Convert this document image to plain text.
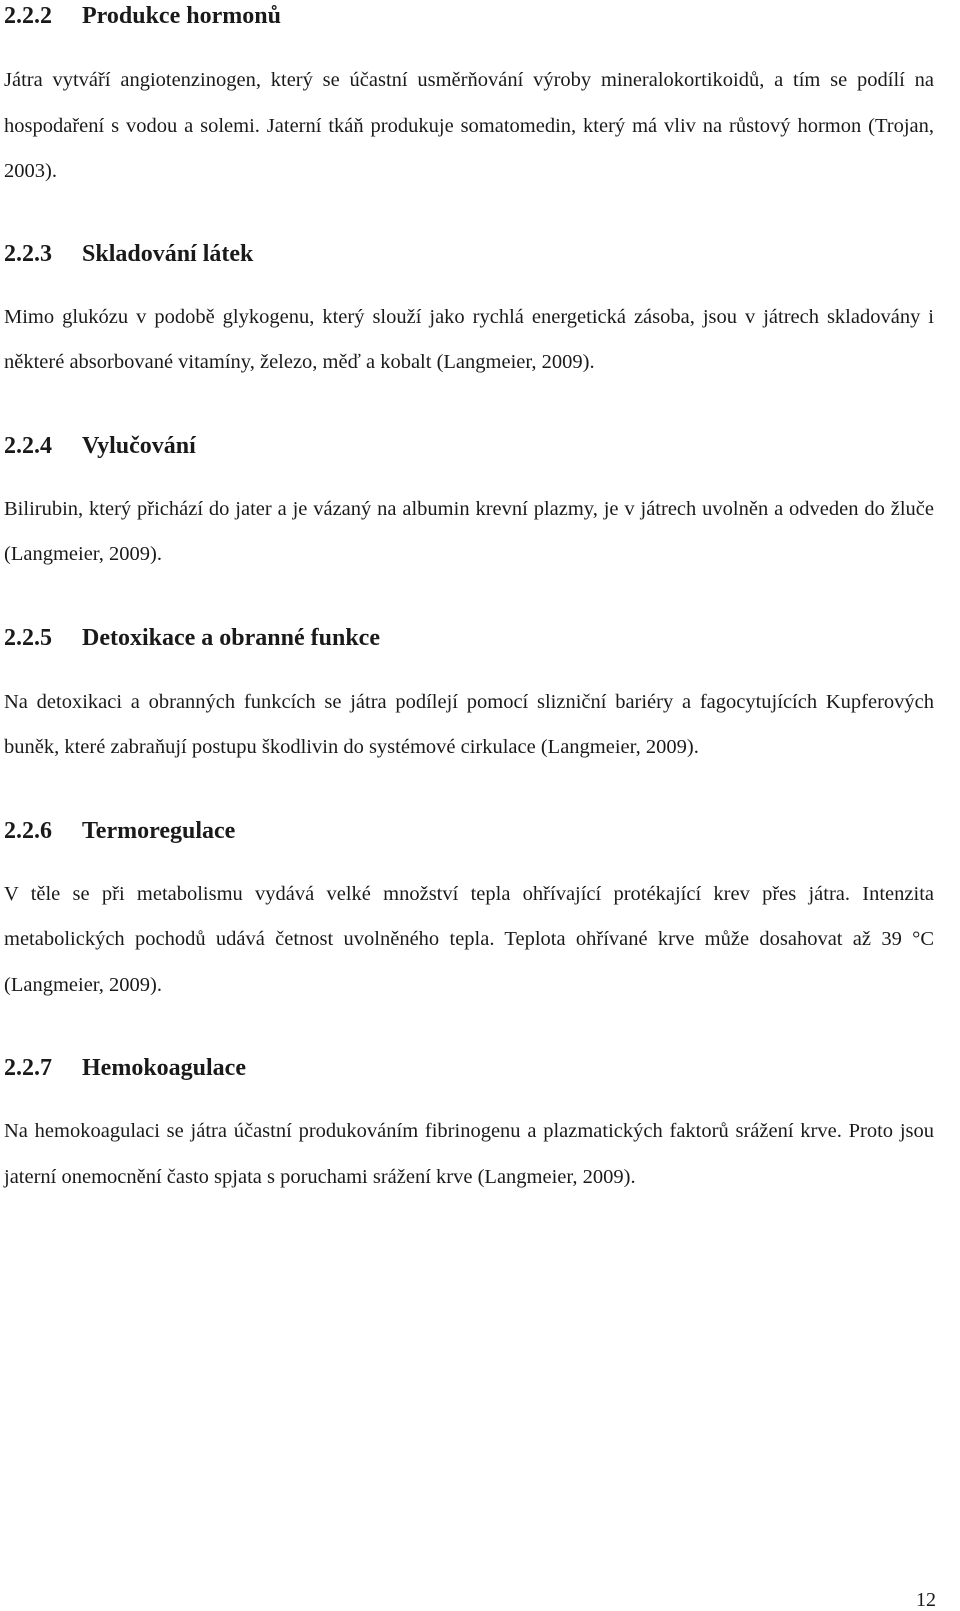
2.2.2 Produkce hormonů

Játra vytváří angiotenzinogen, který se účastní usměrňování výroby mineralokortikoidů, a tím se podílí na hospodaření s vodou a solemi. Jaterní tkáň produkuje somatomedin, který má vliv na růstový hormon (Trojan, 2003).

2.2.3 Skladování látek

Mimo glukózu v podobě glykogenu, který slouží jako rychlá energetická zásoba, jsou v játrech skladovány i některé absorbované vitamíny, železo, měď a kobalt (Langmeier, 2009).

2.2.4 Vylučování

Bilirubin, který přichází do jater a je vázaný na albumin krevní plazmy, je v játrech uvolněn a odveden do žluče (Langmeier, 2009).

2.2.5 Detoxikace a obranné funkce

Na detoxikaci a obranných funkcích se játra podílejí pomocí slizniční bariéry a fagocytujících Kupferových buněk, které zabraňují postupu škodlivin do systémové cirkulace (Langmeier, 2009).

2.2.6 Termoregulace

V těle se při metabolismu vydává velké množství tepla ohřívající protékající krev přes játra. Intenzita metabolických pochodů udává četnost uvolněného tepla. Teplota ohřívané krve může dosahovat až 39 °C (Langmeier, 2009).

2.2.7 Hemokoagulace

Na hemokoagulaci se játra účastní produkováním fibrinogenu a plazmatických faktorů srážení krve. Proto jsou jaterní onemocnění často spjata s poruchami srážení krve (Langmeier, 2009).

12
